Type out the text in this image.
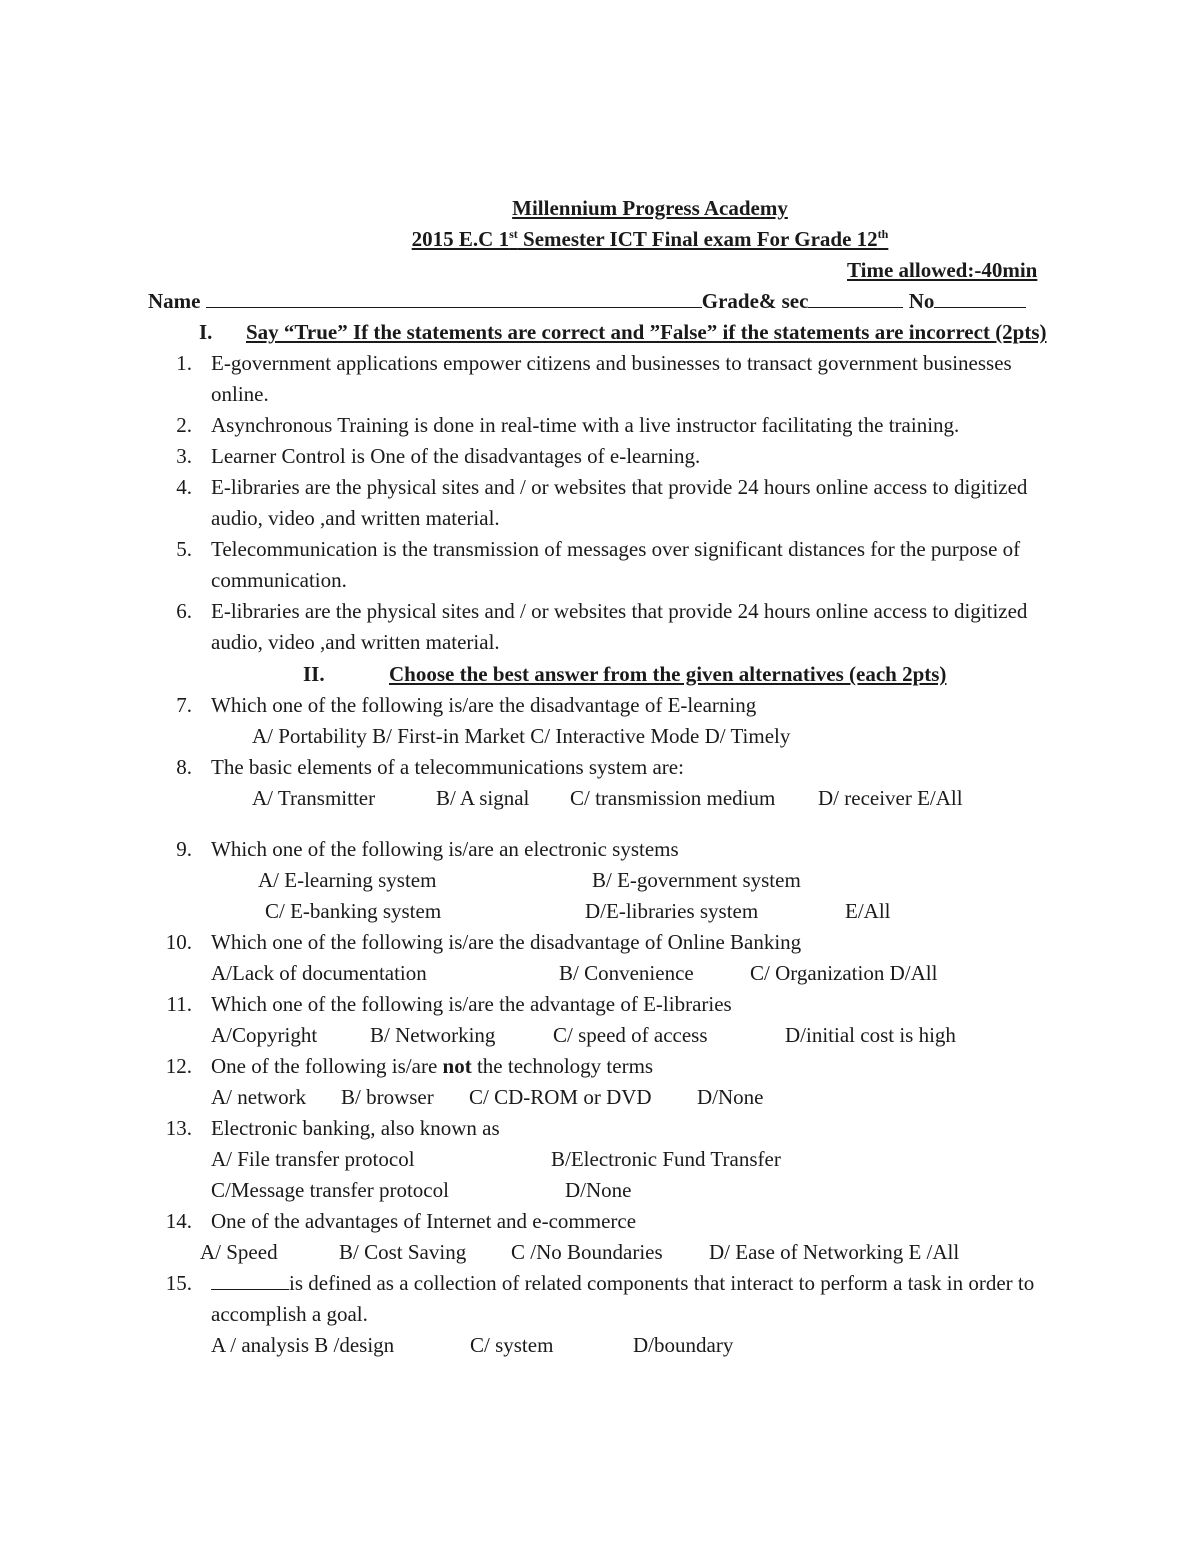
Millennium Progress Academy
2015 E.C 1st Semester ICT Final exam For Grade 12th
Time allowed:-40min
Name	Grade& sec	No
I. Say “True” If the statements are correct and ”False” if the statements are incorrect (2pts)
1. E-government applications empower citizens and businesses to transact government businesses
online.
2. Asynchronous Training is done in real-time with a live instructor facilitating the training.
3. Learner Control is One of the disadvantages of e-learning.
4. E-libraries are the physical sites and / or websites that provide 24 hours online access to digitized
audio, video ,and written material.
5. Telecommunication is the transmission of messages over significant distances for the purpose of
communication.
6. E-libraries are the physical sites and / or websites that provide 24 hours online access to digitized
audio, video ,and written material.
II.	Choose the best answer from the given alternatives (each 2pts)
7. Which one of the following is/are the disadvantage of E-learning
A/ Portability B/ First-in Market C/ Interactive Mode D/ Timely
8. The basic elements of a telecommunications system are:
A/ Transmitter	B/ A signal C/ transmission medium D/ receiver E/All
9. Which one of the following is/are an electronic systems
A/ E-learning system	B/ E-government system
C/ E-banking system	D/E-libraries system	E/All
10. Which one of the following is/are the disadvantage of Online Banking
A/Lack of documentation	B/ Convenience	C/ Organization D/All
11. Which one of the following is/are the advantage of E-libraries
A/Copyright	B/ Networking	C/ speed of access	D/initial cost is high
12. One of the following is/are not the technology terms
A/ network B/ browser C/ CD-ROM or DVD D/None
13. Electronic banking, also known as
A/ File transfer protocol	B/Electronic Fund Transfer
C/Message transfer protocol	D/None
14. One of the advantages of Internet and e-commerce
A/ Speed	B/ Cost Saving C /No Boundaries D/ Ease of Networking E /All
15.	is defined as a collection of related components that interact to perform a task in order to
accomplish a goal.
A / analysis B /design	C/ system	D/boundary
